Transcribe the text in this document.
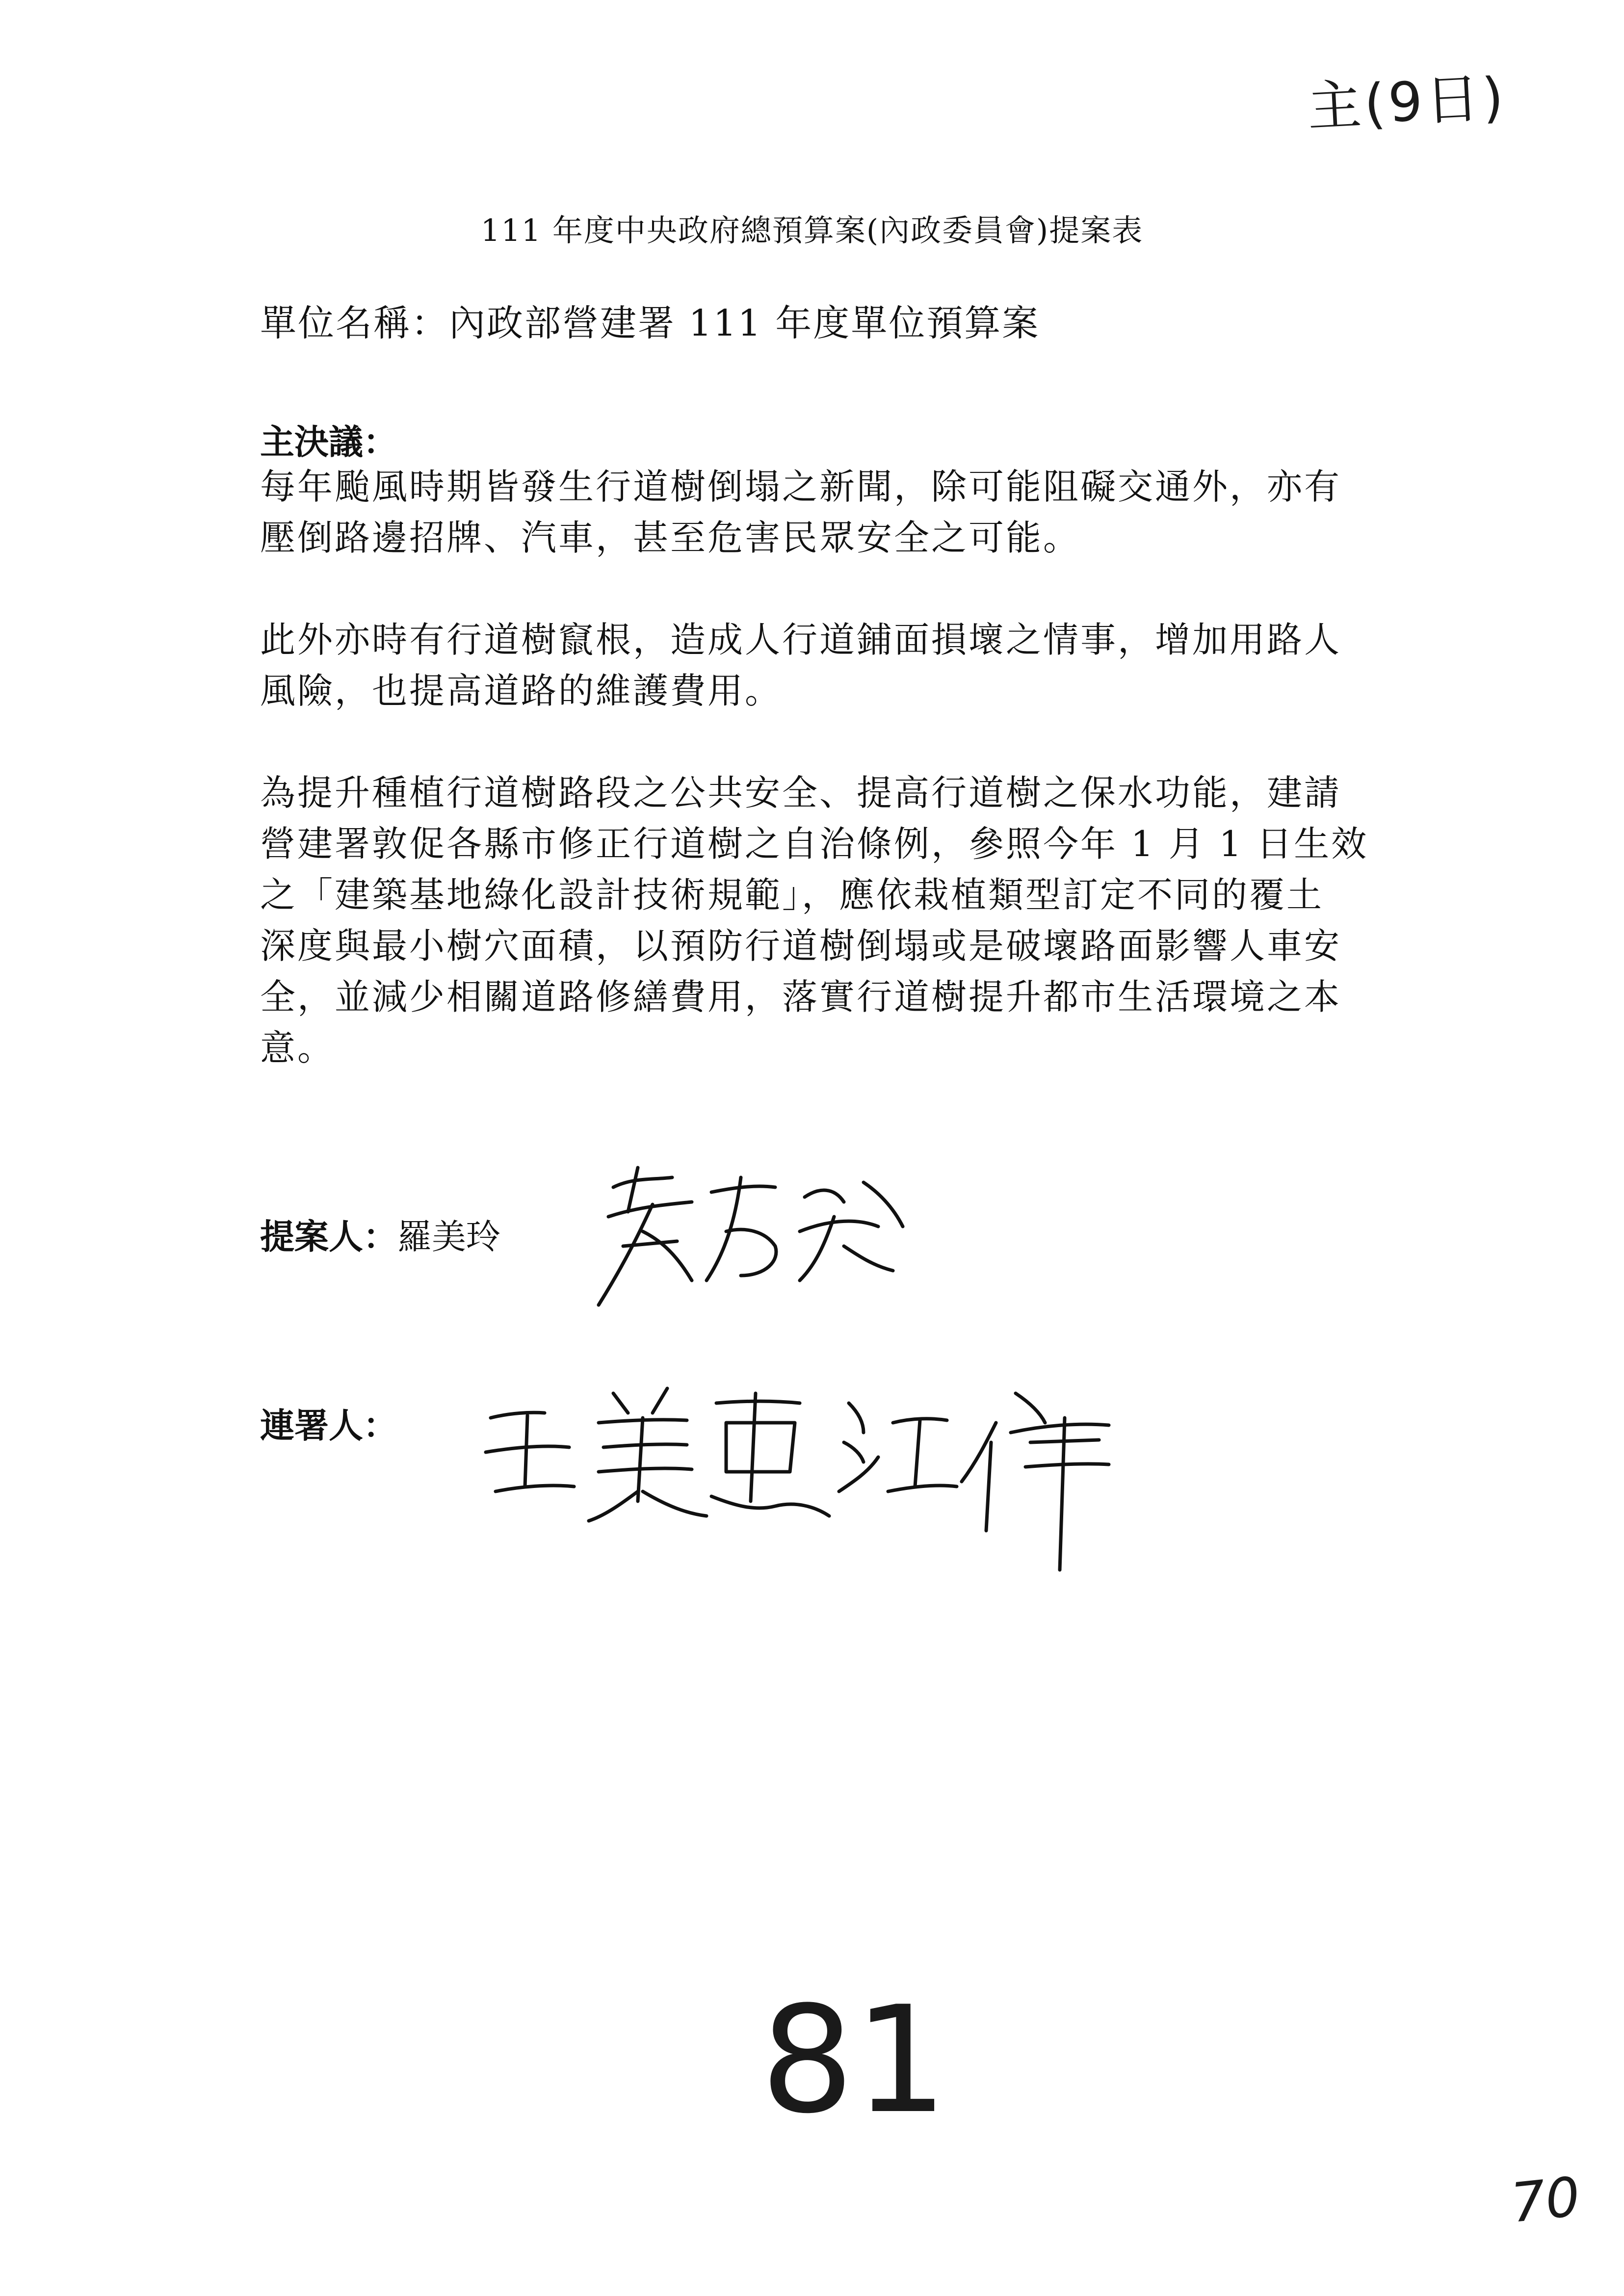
主(9日)
111 年度中央政府總預算案(內政委員會)提案表
單位名稱：內政部營建署 111 年度單位預算案
主決議：

每年颱風時期皆發生行道樹倒塌之新聞，除可能阻礙交通外，亦有
壓倒路邊招牌、汽車，甚至危害民眾安全之可能。

此外亦時有行道樹竄根，造成人行道鋪面損壞之情事，增加用路人
風險，也提高道路的維護費用。

為提升種植行道樹路段之公共安全、提高行道樹之保水功能，建請
營建署敦促各縣市修正行道樹之自治條例，參照今年 1 月 1 日生效
之「建築基地綠化設計技術規範」，應依栽植類型訂定不同的覆土
深度與最小樹穴面積，以預防行道樹倒塌或是破壞路面影響人車安
全，並減少相關道路修繕費用，落實行道樹提升都市生活環境之本
意。

提案人：羅美玲
連署人：
81
70
